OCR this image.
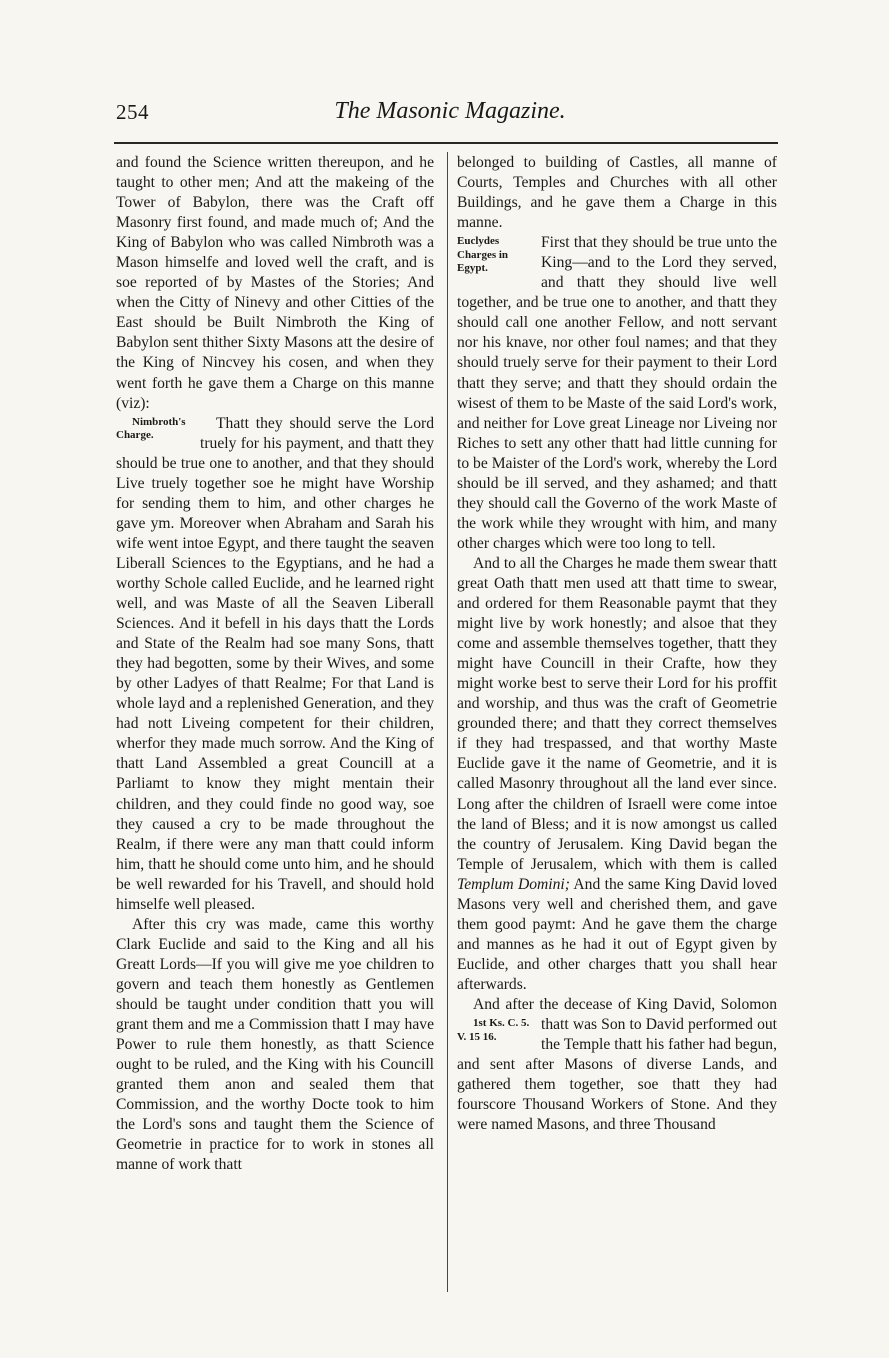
254	The Masonic Magazine.

and found the Science written thereupon, and he taught to other men; And att the makeing of the Tower of Babylon, there was the Craft off Masonry first found, and made much of; And the King of Babylon who was called Nimbroth was a Mason himselfe and loved well the craft, and is soe reported of by Mastes of the Stories; And when the Citty of Ninevy and other Citties of the East should be Built Nimbroth the King of Babylon sent thither Sixty Masons att the desire of the King of Nincvey his cosen, and when they went forth he gave them a Charge on this manne (viz):

Nimbroth's Charge.
Thatt they should serve the Lord truely for his payment, and thatt they should be true one to another, and that they should Live truely together soe he might have Worship for sending them to him, and other charges he gave ym. Moreover when Abraham and Sarah his wife went intoe Egypt, and there taught the seaven Liberall Sciences to the Egyptians, and he had a worthy Schole called Euclide, and he learned right well, and was Maste of all the Seaven Liberall Sciences. And it befell in his days thatt the Lords and State of the Realm had soe many Sons, thatt they had begotten, some by their Wives, and some by other Ladyes of thatt Realme; For that Land is whole layd and a replenished Generation, and they had nott Liveing competent for their children, wherfor they made much sorrow. And the King of thatt Land Assembled a great Councill at a Parliamt to know they might mentain their children, and they could finde no good way, soe they caused a cry to be made throughout the Realm, if there were any man thatt could inform him, thatt he should come unto him, and he should be well rewarded for his Travell, and should hold himselfe well pleased.

After this cry was made, came this worthy Clark Euclide and said to the King and all his Greatt Lords—If you will give me yoe children to govern and teach them honestly as Gentlemen should be taught under condition thatt you will grant them and me a Commission thatt I may have Power to rule them honestly, as thatt Science ought to be ruled, and the King with his Councill granted them anon and sealed them that Commission, and the worthy Docte took to him the Lord's sons and taught them the Science of Geometrie in practice for to work in stones all manne of work thatt

belonged to building of Castles, all manne of Courts, Temples and Churches with all other Buildings, and he gave them a Charge in this manne.

Euclydes Charges in Egypt.
First that they should be true unto the King—and to the Lord they served, and thatt they should live well together, and be true one to another, and thatt they should call one another Fellow, and nott servant nor his knave, nor other foul names; and that they should truely serve for their payment to their Lord thatt they serve; and thatt they should ordain the wisest of them to be Maste of the said Lord's work, and neither for Love great Lineage nor Liveing nor Riches to sett any other thatt had little cunning for to be Maister of the Lord's work, whereby the Lord should be ill served, and they ashamed; and thatt they should call the Governo of the work Maste of the work while they wrought with him, and many other charges which were too long to tell.

And to all the Charges he made them swear thatt great Oath thatt men used att thatt time to swear, and ordered for them Reasonable paymt that they might live by work honestly; and alsoe that they come and assemble themselves together, thatt they might have Councill in their Crafte, how they might worke best to serve their Lord for his proffit and worship, and thus was the craft of Geometrie grounded there; and thatt they correct themselves if they had trespassed, and that worthy Maste Euclide gave it the name of Geometrie, and it is called Masonry throughout all the land ever since. Long after the children of Israell were come intoe the land of Bless; and it is now amongst us called the country of Jerusalem. King David began the Temple of Jerusalem, which with them is called Templum Domini; And the same King David loved Masons very well and cherished them, and gave them good paymt: And he gave them the charge and mannes as he had it out of Egypt given by Euclide, and other charges thatt you shall hear afterwards.

And after the decease of King David, Solomon thatt was Son to David performed
1st Ks. C. 5. V. 15 16.
out the Temple thatt his father had begun, and sent after Masons of diverse Lands, and gathered them together, soe thatt they had fourscore Thousand Workers of Stone. And they were named Masons, and three Thousand
